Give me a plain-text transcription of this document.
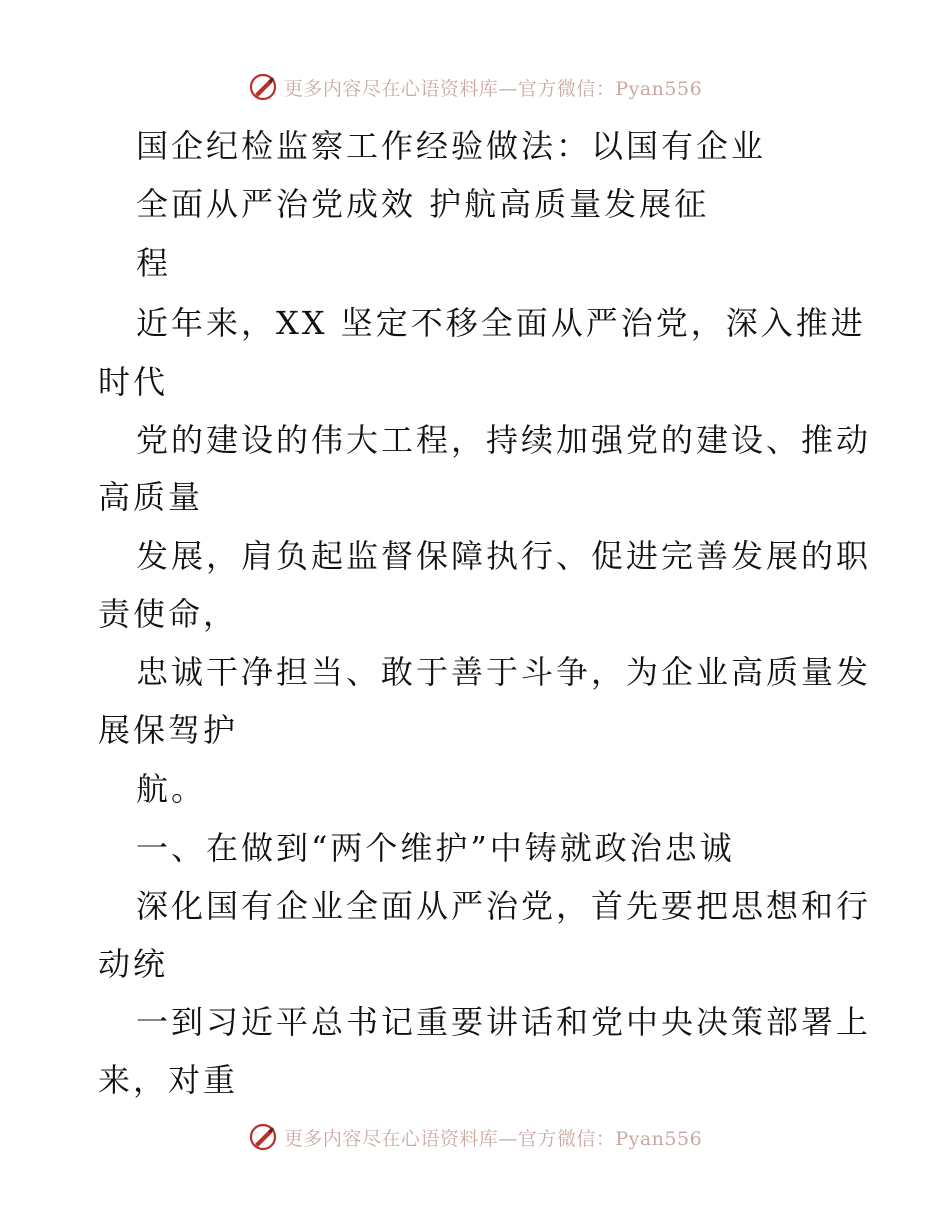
更多内容尽在心语资料库—官方微信：Pyan556
国企纪检监察工作经验做法：以国有企业
全面从严治党成效 护航高质量发展征
程
近年来，XX 坚定不移全面从严治党，深入推进
时代
党的建设的伟大工程，持续加强党的建设、推动
高质量
发展，肩负起监督保障执行、促进完善发展的职
责使命，
忠诚干净担当、敢于善于斗争，为企业高质量发
展保驾护
航。
一、在做到“两个维护”中铸就政治忠诚
深化国有企业全面从严治党，首先要把思想和行
动统
一到习近平总书记重要讲话和党中央决策部署上
来，对重
更多内容尽在心语资料库—官方微信：Pyan556
